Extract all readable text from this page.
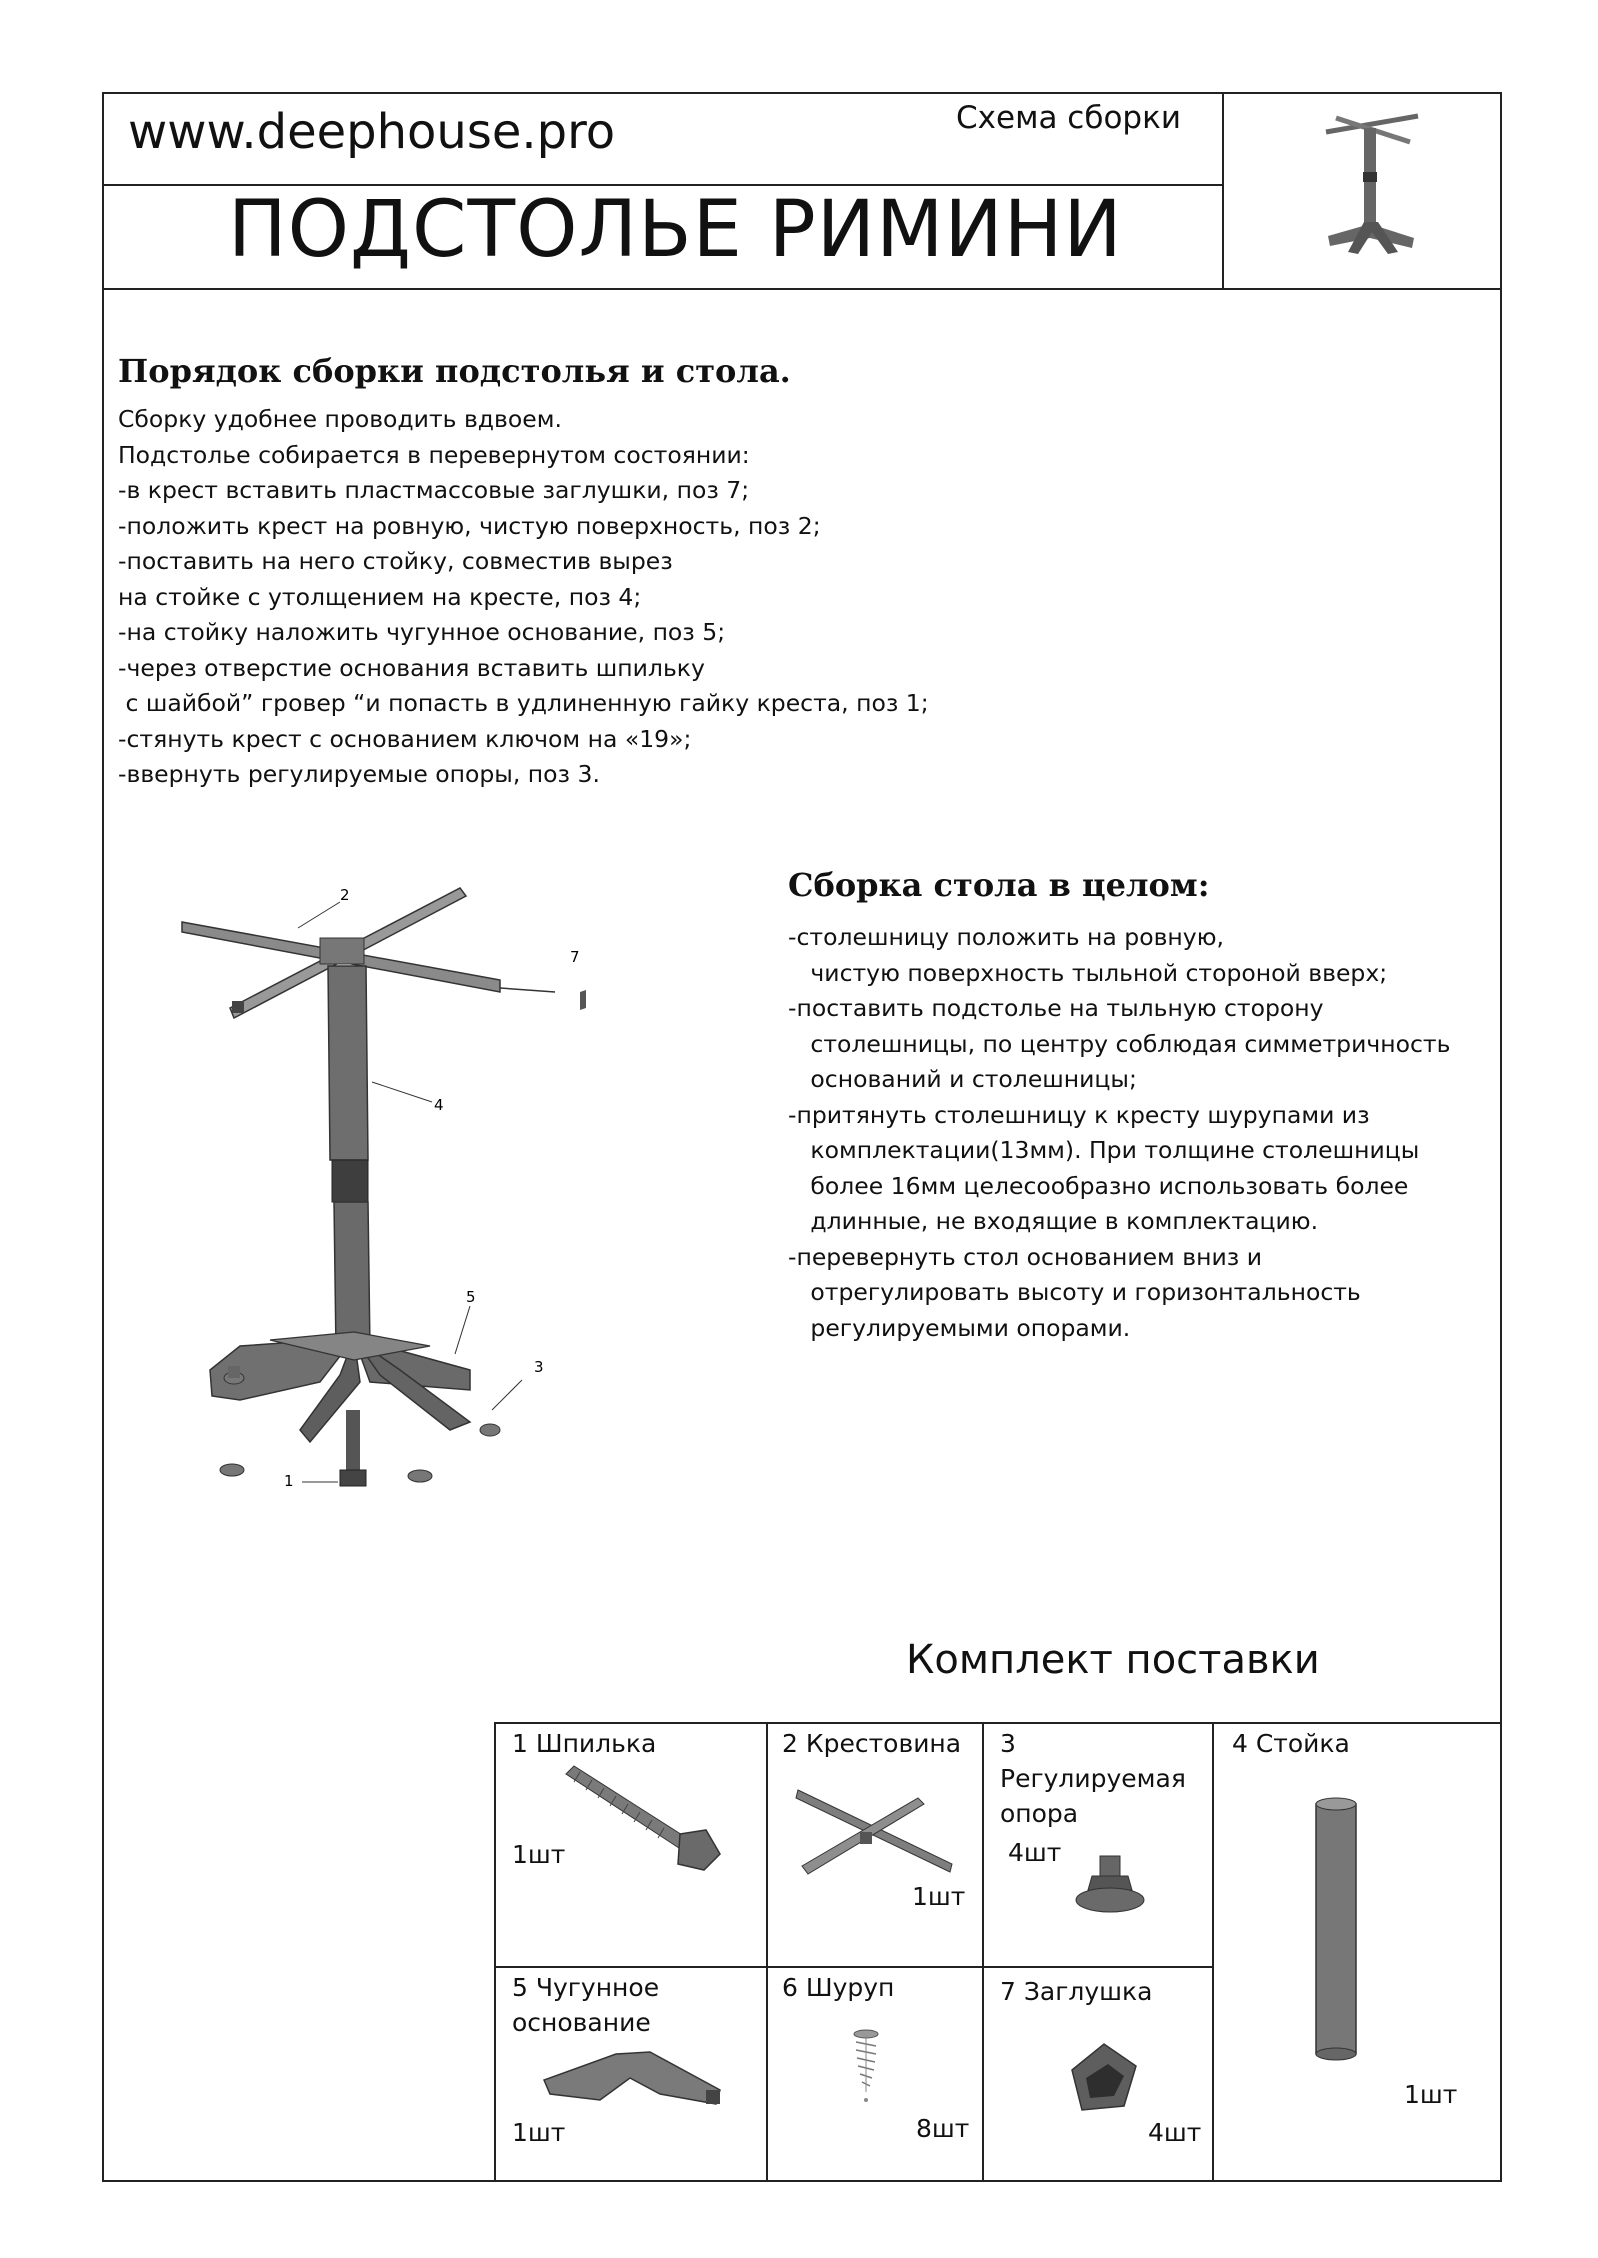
www.deephouse.pro	Схема сборки
ПОДСТОЛЬЕ РИМИНИ
Порядок сборки подстолья и стола.
Сборку удобнее проводить вдвоем.
Подстолье собирается в перевернутом состоянии:
-в крест вставить пластмассовые заглушки, поз 7;
-положить крест на ровную, чистую поверхность, поз 2;
-поставить на него стойку, совместив вырез
на стойке с утолщением на кресте, поз 4;
-на стойку наложить чугунное основание, поз 5;
-через отверстие основания вставить шпильку
с шайбой” гровер “и попасть в удлиненную гайку креста, поз 1;
-стянуть крест с основанием ключом на «19»;
-ввернуть регулируемые опоры, поз 3.
2
7
4
5
3
1
Сборка стола в целом:
-столешницу положить на ровную,
чистую поверхность тыльной стороной вверх;
-поставить подстолье на тыльную сторону
столешницы, по центру соблюдая симметричность
оснований и столешницы;
-притянуть столешницу к кресту шурупами из
комплектации(13мм). При толщине столешницы
более 16мм целесообразно использовать более
длинные, не входящие в комплектацию.
-перевернуть стол основанием вниз и
отрегулировать высоту и горизонтальность
регулируемыми опорами.
Комплект поставки
1 Шпилька
1шт
2 Крестовина
1шт
3
Регулируемая
опора
4шт
4 Стойка
1шт
5 Чугунное
основание
1шт
6 Шуруп
8шт
7 Заглушка
4шт
